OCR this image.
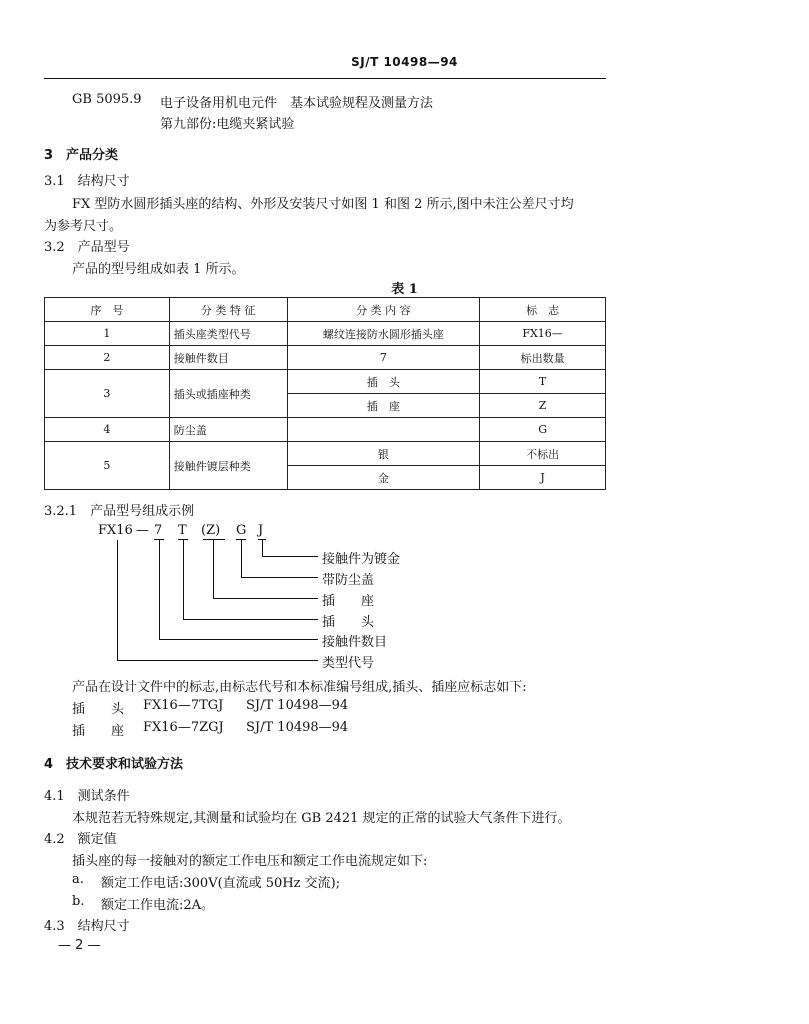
SJ/T 10498—94
GB 5095.9 电子设备用机电元件　基本试验规程及测量方法
第九部份:电缆夹紧试验
3　产品分类
3.1　结构尺寸
FX 型防水圆形插头座的结构、外形及安装尺寸如图 1 和图 2 所示,图中未注公差尺寸均
为参考尺寸。
3.2　产品型号
产品的型号组成如表 1 所示。
表 1
序　号	分 类 特 征	分 类 内 容	标　志
1	插头座类型代号	螺纹连接防水圆形插头座	FX16—
2	接触件数目	7	标出数量
3	插头或插座种类	插　头	T
		插　座	Z
4	防尘盖		G
5	接触件镀层种类	银	不标出
		金	J
3.2.1　产品型号组成示例
FX16 — 7 T (Z) G J
接触件为镀金
带防尘盖
插　　座
插　　头
接触件数目
类型代号
产品在设计文件中的标志,由标志代号和本标准编号组成,插头、插座应标志如下:
插　　头 FX16—7TGJ SJ/T 10498—94
插　　座 FX16—7ZGJ SJ/T 10498—94
4　技术要求和试验方法
4.1　测试条件
本规范若无特殊规定,其测量和试验均在 GB 2421 规定的正常的试验大气条件下进行。
4.2　额定值
插头座的每一接触对的额定工作电压和额定工作电流规定如下:
a. 额定工作电话:300V(直流或 50Hz 交流);
b. 额定工作电流:2A。
4.3　结构尺寸
— 2 —
